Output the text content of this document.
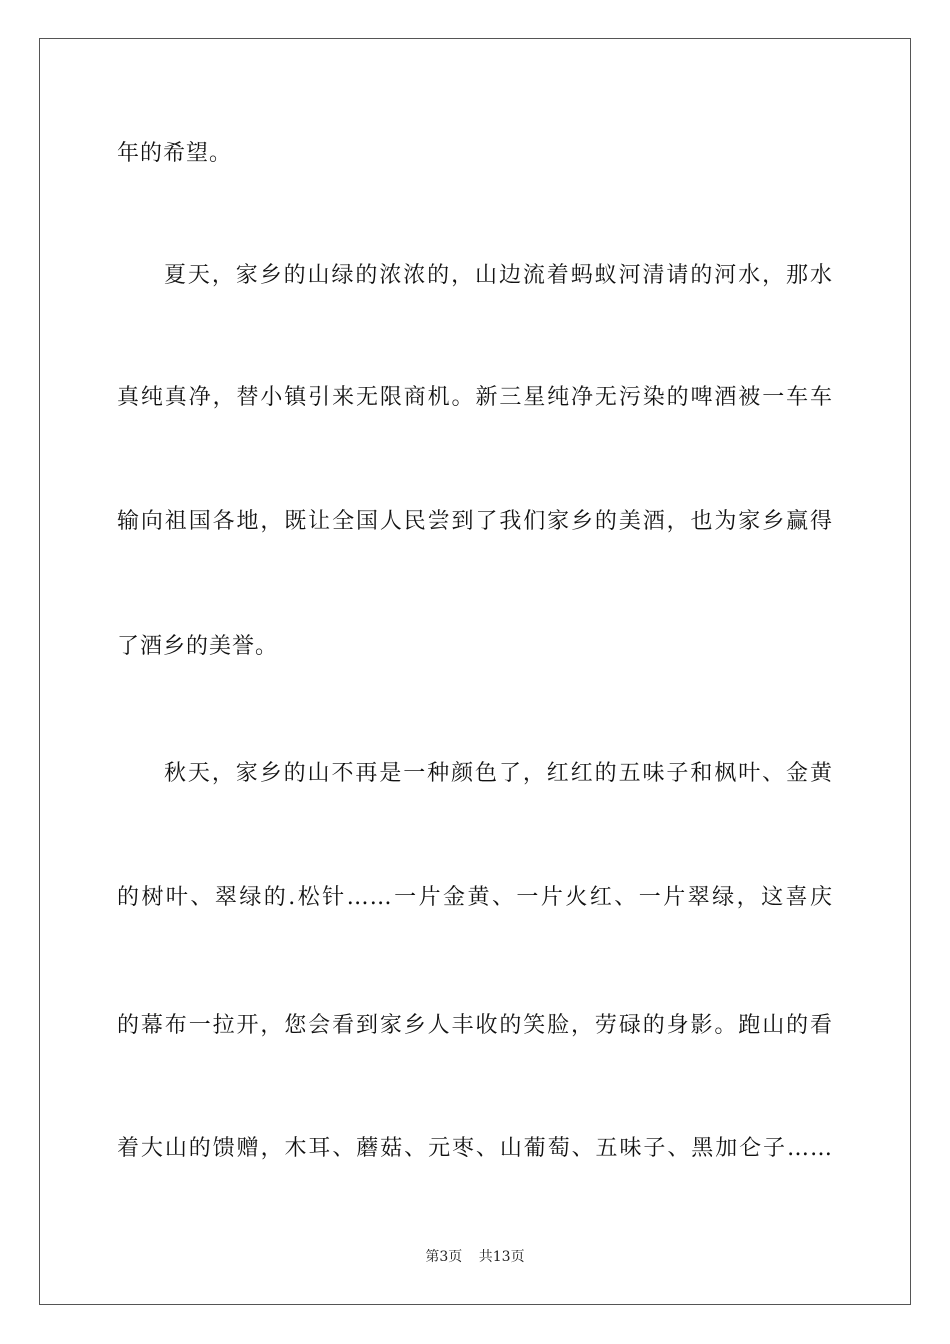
年的希望。
夏天，家乡的山绿的浓浓的，山边流着蚂蚁河清请的河水，那水
真纯真净，替小镇引来无限商机。新三星纯净无污染的啤酒被一车车
输向祖国各地，既让全国人民尝到了我们家乡的美酒，也为家乡赢得
了酒乡的美誉。
秋天，家乡的山不再是一种颜色了，红红的五味子和枫叶、金黄
的树叶、翠绿的.松针……一片金黄、一片火红、一片翠绿，这喜庆
的幕布一拉开，您会看到家乡人丰收的笑脸，劳碌的身影。跑山的看
着大山的馈赠，木耳、蘑菇、元枣、山葡萄、五味子、黑加仑子……
第3页 共13页
